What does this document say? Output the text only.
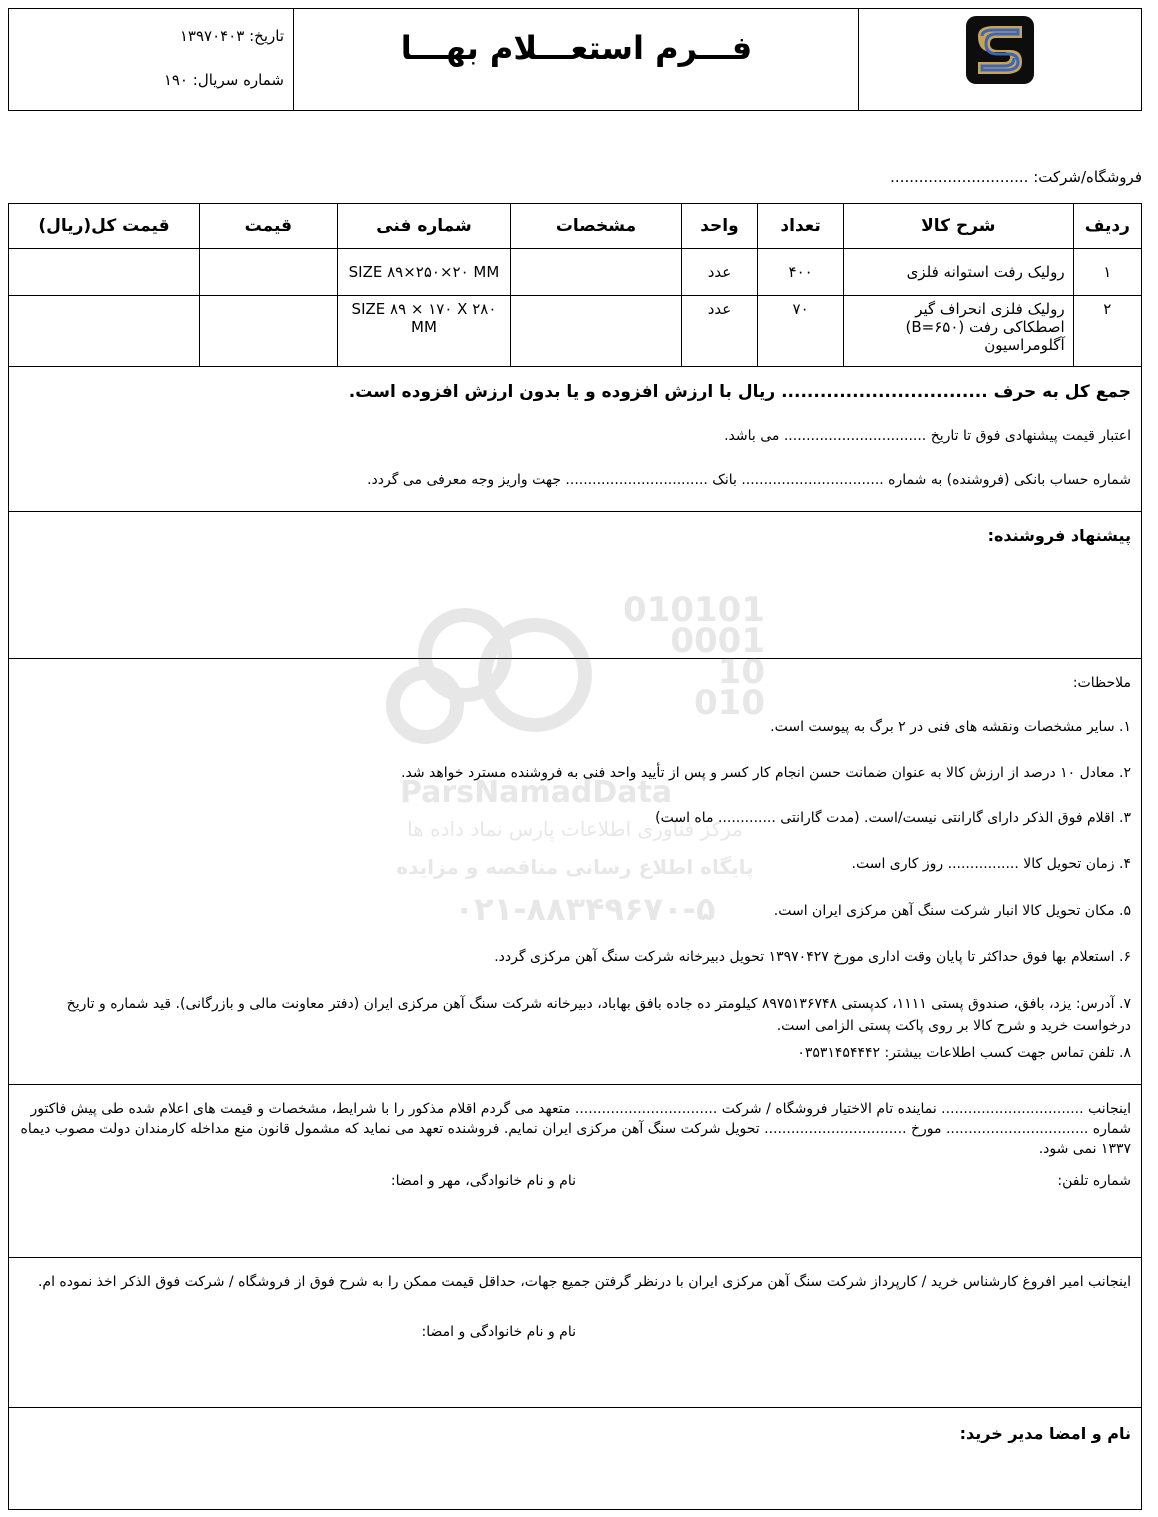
فـــرم استعـــلام بهـــا
تاریخ: ۱۳۹۷۰۴۰۳
شماره سریال: ۱۹۰
فروشگاه/شرکت: .............................
ردیف	شرح کالا	تعداد	واحد	مشخصات	شماره فنی	قیمت	قیمت کل(ریال)
۱	رولیک رفت استوانه فلزی	۴۰۰	عدد		SIZE ۸۹×۲۵۰×۲۰ MM		
۲	رولیک فلزی انحراف گیر اصطکاکی رفت (B=۶۵۰) آگلومراسیون	۷۰	عدد		SIZE ۸۹ × ۱۷۰ X ۲۸۰ MM		
جمع کل به حرف ................................ ریال با ارزش افزوده و یا بدون ارزش افزوده است.
اعتبار قیمت پیشنهادی فوق تا تاریخ ................................ می باشد.
شماره حساب بانکی (فروشنده) به شماره ................................ بانک ................................ جهت واریز وجه معرفی می گردد.
پیشنهاد فروشنده:
ملاحظات:
۱. سایر مشخصات ونقشه های فنی در ۲ برگ به پیوست است.
۲. معادل ۱۰ درصد از ارزش کالا به عنوان ضمانت حسن انجام کار کسر و پس از تأیید واحد فنی به فروشنده مسترد خواهد شد.
۳. اقلام فوق الذکر دارای گارانتی نیست/است. (مدت گارانتی ............. ماه است)
۴. زمان تحویل کالا ................ روز کاری است.
۵. مکان تحویل کالا انبار شرکت سنگ آهن مرکزی ایران است.
۶. استعلام بها فوق حداکثر تا پایان وقت اداری مورخ ۱۳۹۷۰۴۲۷ تحویل دبیرخانه شرکت سنگ آهن مرکزی گردد.
۷. آدرس: یزد، بافق، صندوق پستی ۱۱۱۱، کدپستی ۸۹۷۵۱۳۶۷۴۸ کیلومتر ده جاده بافق بهاباد، دبیرخانه شرکت سنگ آهن مرکزی ایران (دفتر معاونت مالی و بازرگانی). قید شماره و تاریخ درخواست خرید و شرح کالا بر روی پاکت پستی الزامی است.
۸. تلفن تماس جهت کسب اطلاعات بیشتر: ۰۳۵۳۱۴۵۴۴۴۲
اینجانب ................................ نماینده تام الاختیار فروشگاه / شرکت ................................ متعهد می گردم اقلام مذکور را با شرایط، مشخصات و قیمت های اعلام شده طی پیش فاکتور شماره ................................ مورخ ................................ تحویل شرکت سنگ آهن مرکزی ایران نمایم. فروشنده تعهد می نماید که مشمول قانون منع مداخله کارمندان دولت مصوب دیماه ۱۳۳۷ نمی شود.
شماره تلفن:
نام و نام خانوادگی، مهر و امضا:
اینجانب امیر افروغ کارشناس خرید / کارپرداز شرکت سنگ آهن مرکزی ایران با درنظر گرفتن جمیع جهات، حداقل قیمت ممکن را به شرح فوق از فروشگاه / شرکت فوق الذکر اخذ نموده ام.
نام و نام خانوادگی و امضا:
نام و امضا مدیر خرید:
010101
0001
10
010
ParsNamadData
مرکز فناوری اطلاعات پارس نماد داده ها
پایگاه اطلاع رسانی مناقصه و مزایده
۰۲۱-۸۸۳۴۹۶۷۰-۵
